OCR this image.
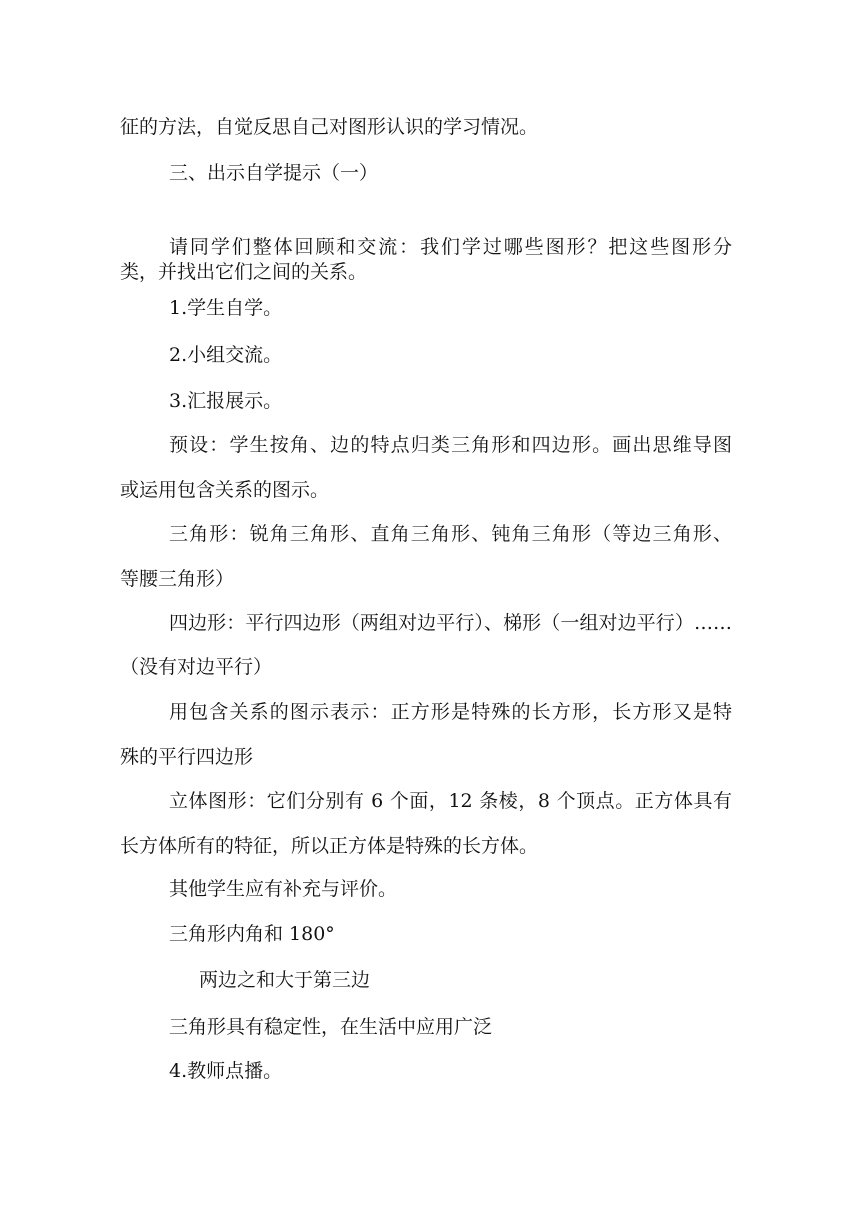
征的方法，自觉反思自己对图形认识的学习情况。
三、出示自学提示（一）
请同学们整体回顾和交流：我们学过哪些图形？把这些图形分
类，并找出它们之间的关系。
1.学生自学。
2.小组交流。
3.汇报展示。
预设：学生按角、边的特点归类三角形和四边形。画出思维导图
或运用包含关系的图示。
三角形：锐角三角形、直角三角形、钝角三角形（等边三角形、
等腰三角形）
四边形：平行四边形（两组对边平行）、梯形（一组对边平行）……
（没有对边平行）
用包含关系的图示表示：正方形是特殊的长方形，长方形又是特
殊的平行四边形
立体图形：它们分别有 6 个面，12 条棱，8 个顶点。正方体具有
长方体所有的特征，所以正方体是特殊的长方体。
其他学生应有补充与评价。
三角形内角和 180°
两边之和大于第三边
三角形具有稳定性，在生活中应用广泛
4.教师点播。
